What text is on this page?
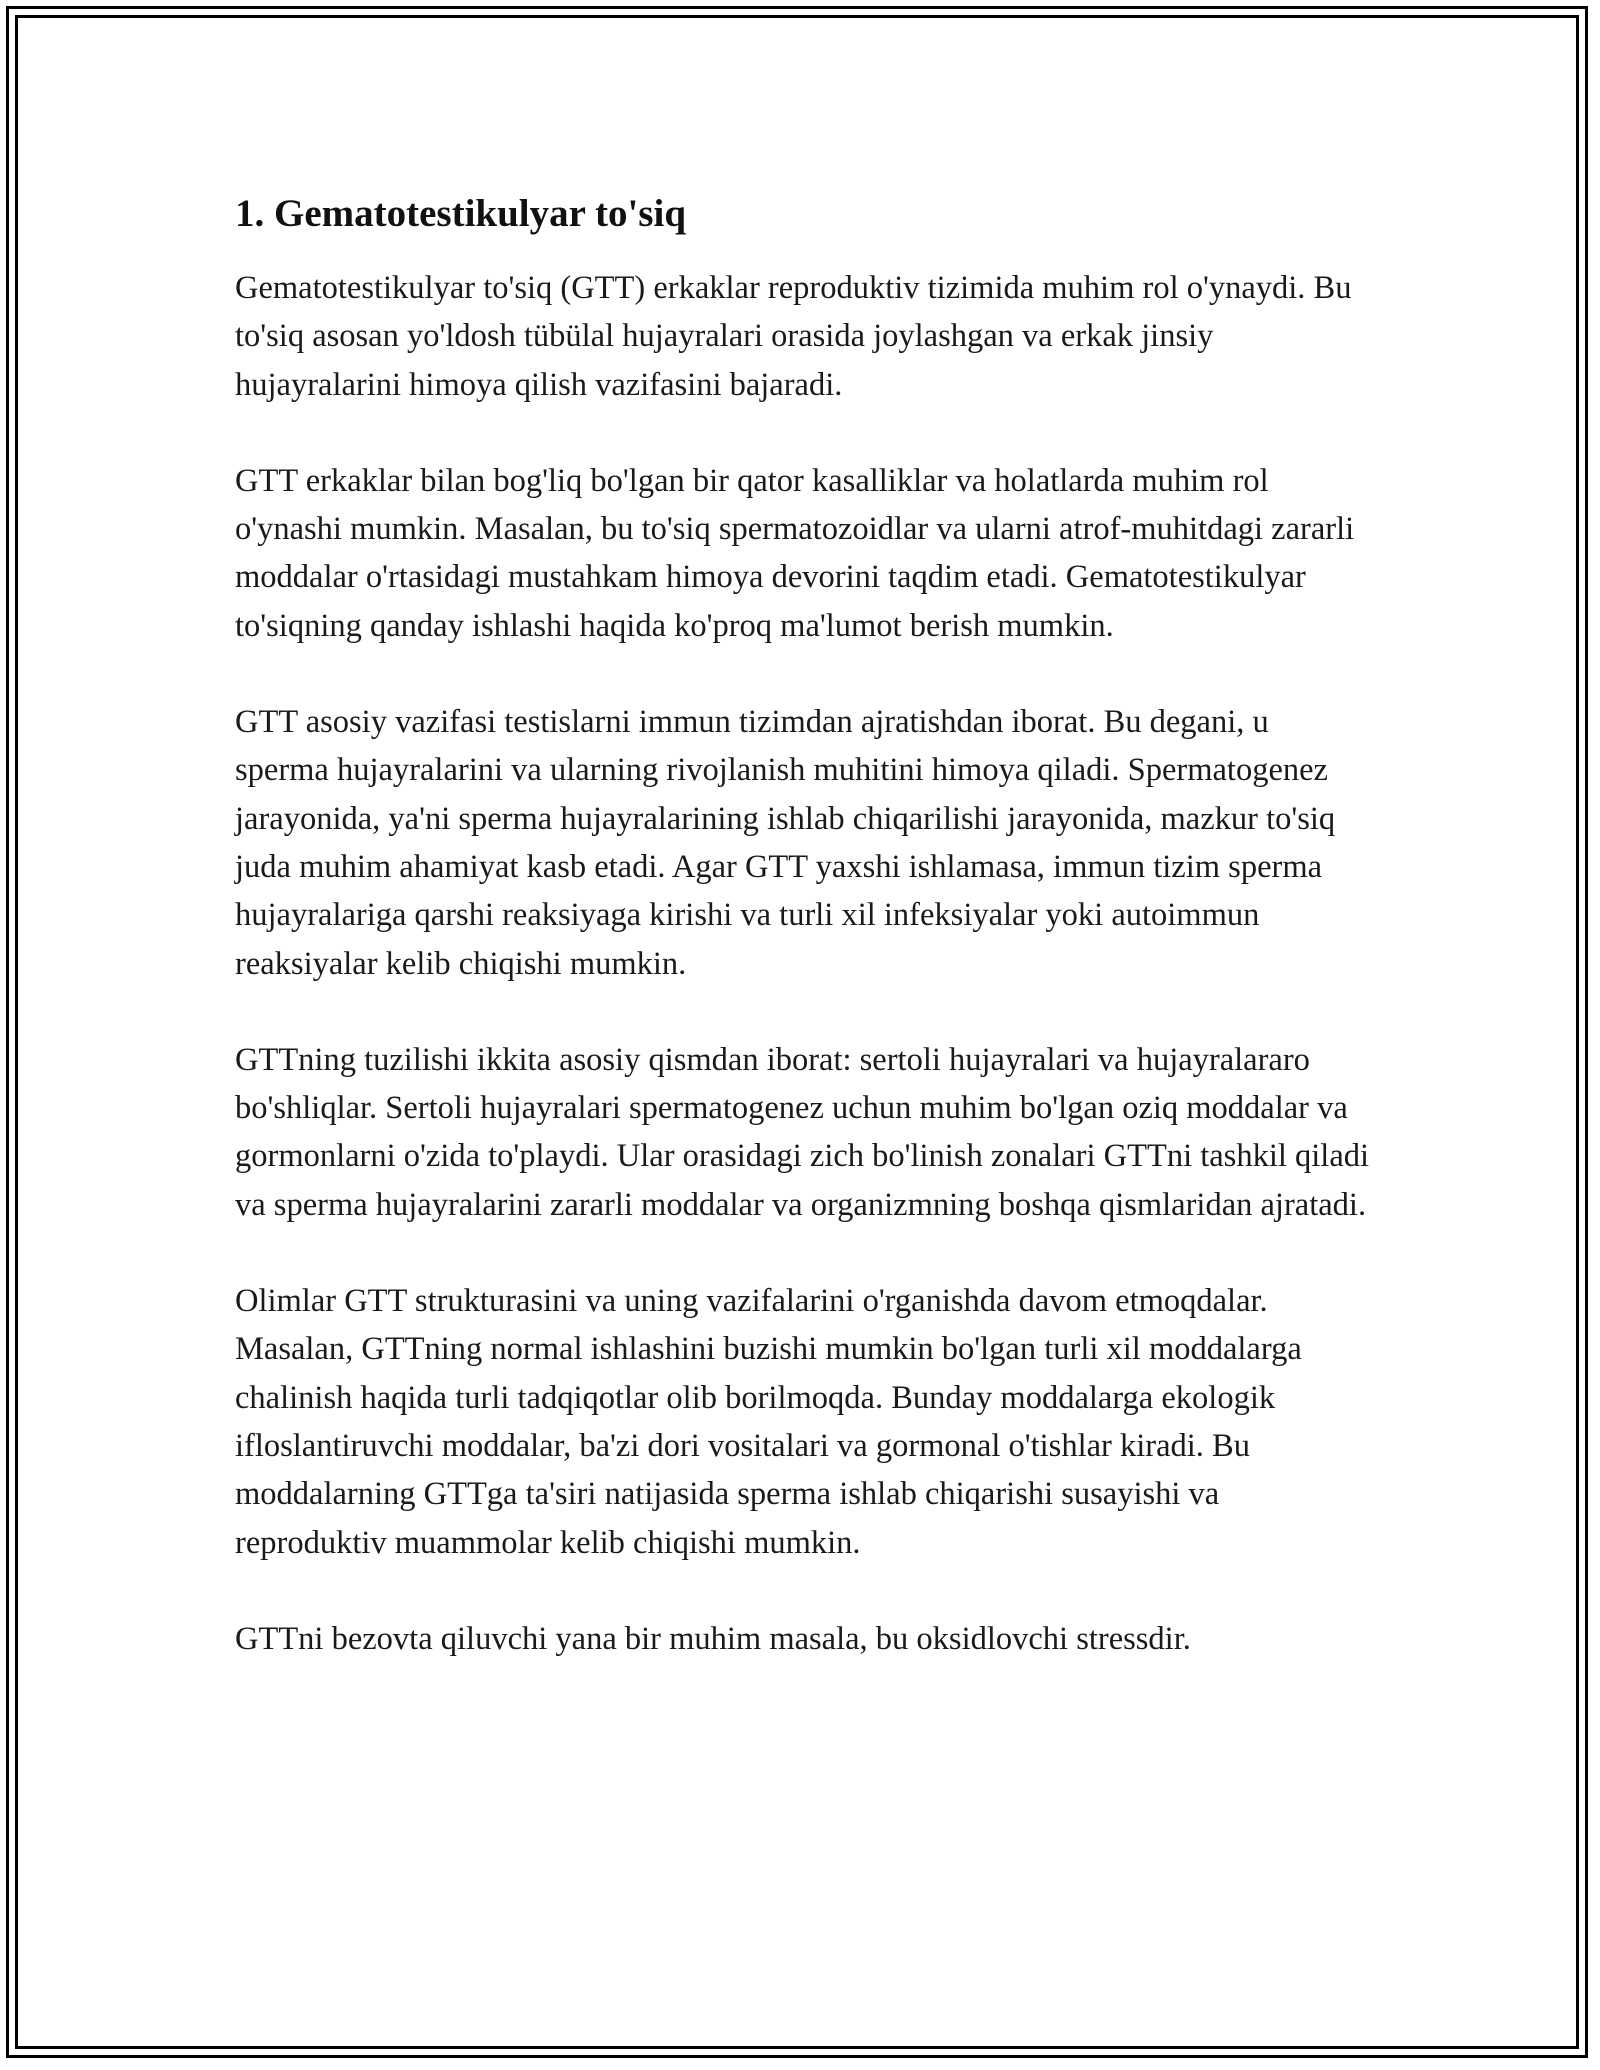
1. Gematotestikulyar to'siq

Gematotestikulyar to'siq (GTT) erkaklar reproduktiv tizimida muhim rol o'ynaydi. Bu to'siq asosan yo'ldosh tübülal hujayralari orasida joylashgan va erkak jinsiy hujayralarini himoya qilish vazifasini bajaradi.

GTT erkaklar bilan bog'liq bo'lgan bir qator kasalliklar va holatlarda muhim rol o'ynashi mumkin. Masalan, bu to'siq spermatozoidlar va ularni atrof-muhitdagi zararli moddalar o'rtasidagi mustahkam himoya devorini taqdim etadi. Gematotestikulyar to'siqning qanday ishlashi haqida ko'proq ma'lumot berish mumkin.

GTT asosiy vazifasi testislarni immun tizimdan ajratishdan iborat. Bu degani, u sperma hujayralarini va ularning rivojlanish muhitini himoya qiladi. Spermatogenez jarayonida, ya'ni sperma hujayralarining ishlab chiqarilishi jarayonida, mazkur to'siq juda muhim ahamiyat kasb etadi. Agar GTT yaxshi ishlamasa, immun tizim sperma hujayralariga qarshi reaksiyaga kirishi va turli xil infeksiyalar yoki autoimmun reaksiyalar kelib chiqishi mumkin.

GTTning tuzilishi ikkita asosiy qismdan iborat: sertoli hujayralari va hujayralararo bo'shliqlar. Sertoli hujayralari spermatogenez uchun muhim bo'lgan oziq moddalar va gormonlarni o'zida to'playdi. Ular orasidagi zich bo'linish zonalari GTTni tashkil qiladi va sperma hujayralarini zararli moddalar va organizmning boshqa qismlaridan ajratadi.

Olimlar GTT strukturasini va uning vazifalarini o'rganishda davom etmoqdalar. Masalan, GTTning normal ishlashini buzishi mumkin bo'lgan turli xil moddalarga chalinish haqida turli tadqiqotlar olib borilmoqda. Bunday moddalarga ekologik ifloslantiruvchi moddalar, ba'zi dori vositalari va gormonal o'tishlar kiradi. Bu moddalarning GTTga ta'siri natijasida sperma ishlab chiqarishi susayishi va reproduktiv muammolar kelib chiqishi mumkin.

GTTni bezovta qiluvchi yana bir muhim masala, bu oksidlovchi stressdir.
